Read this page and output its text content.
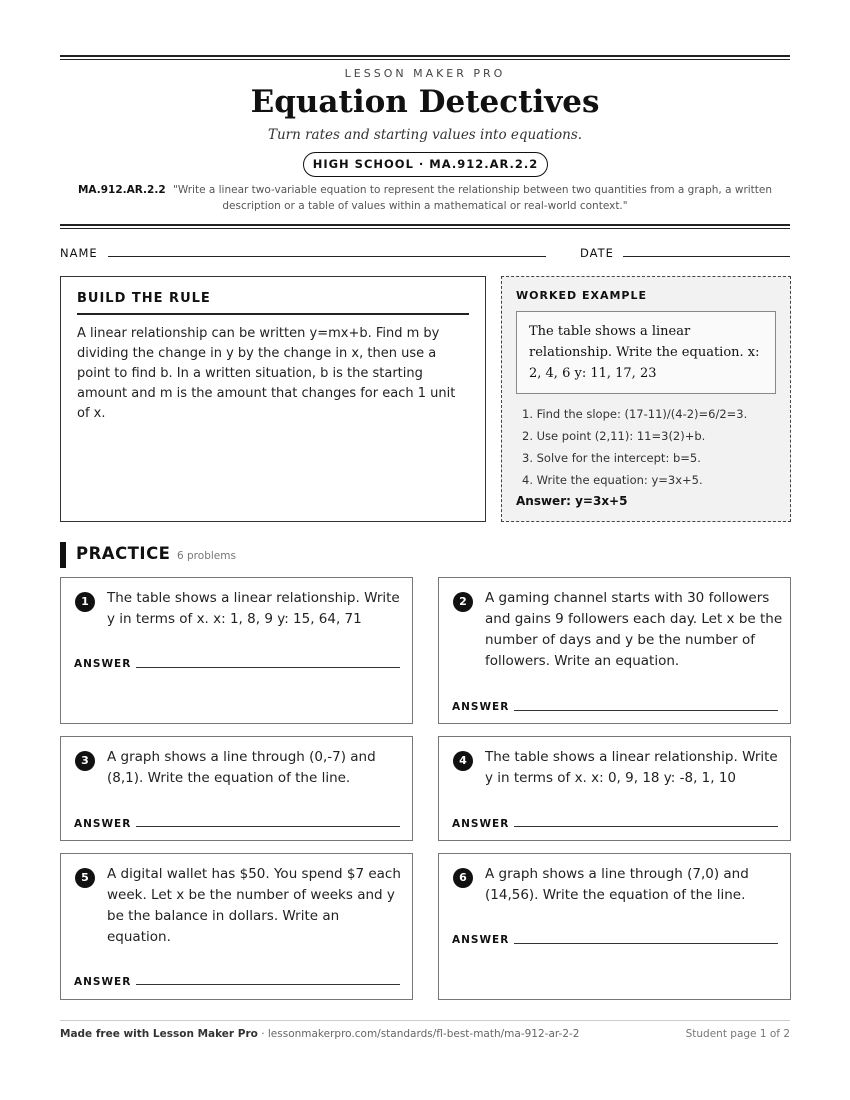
LESSON MAKER PRO
Equation Detectives
Turn rates and starting values into equations.
HIGH SCHOOL · MA.912.AR.2.2
MA.912.AR.2.2 "Write a linear two-variable equation to represent the relationship between two quantities from a graph, a written description or a table of values within a mathematical or real-world context."
NAME	DATE
BUILD THE RULE

A linear relationship can be written y=mx+b. Find m by dividing the change in y by the change in x, then use a point to find b. In a written situation, b is the starting amount and m is the amount that changes for each 1 unit of x.

WORKED EXAMPLE
The table shows a linear relationship. Write the equation. x: 2, 4, 6 y: 11, 17, 23
1. Find the slope: (17-11)/(4-2)=6/2=3.
2. Use point (2,11): 11=3(2)+b.
3. Solve for the intercept: b=5.
4. Write the equation: y=3x+5.
Answer: y=3x+5
PRACTICE 6 problems
1	The table shows a linear relationship. Write y in terms of x. x: 1, 8, 9 y: 15, 64, 71
ANSWER
2	A gaming channel starts with 30 followers and gains 9 followers each day. Let x be the number of days and y be the number of followers. Write an equation.
ANSWER
3	A graph shows a line through (0,-7) and (8,1). Write the equation of the line.
ANSWER
4	The table shows a linear relationship. Write y in terms of x. x: 0, 9, 18 y: -8, 1, 10
ANSWER
5	A digital wallet has $50. You spend $7 each week. Let x be the number of weeks and y be the balance in dollars. Write an equation.
ANSWER
6	A graph shows a line through (7,0) and (14,56). Write the equation of the line.
ANSWER
Made free with Lesson Maker Pro · lessonmakerpro.com/standards/fl-best-math/ma-912-ar-2-2	Student page 1 of 2
